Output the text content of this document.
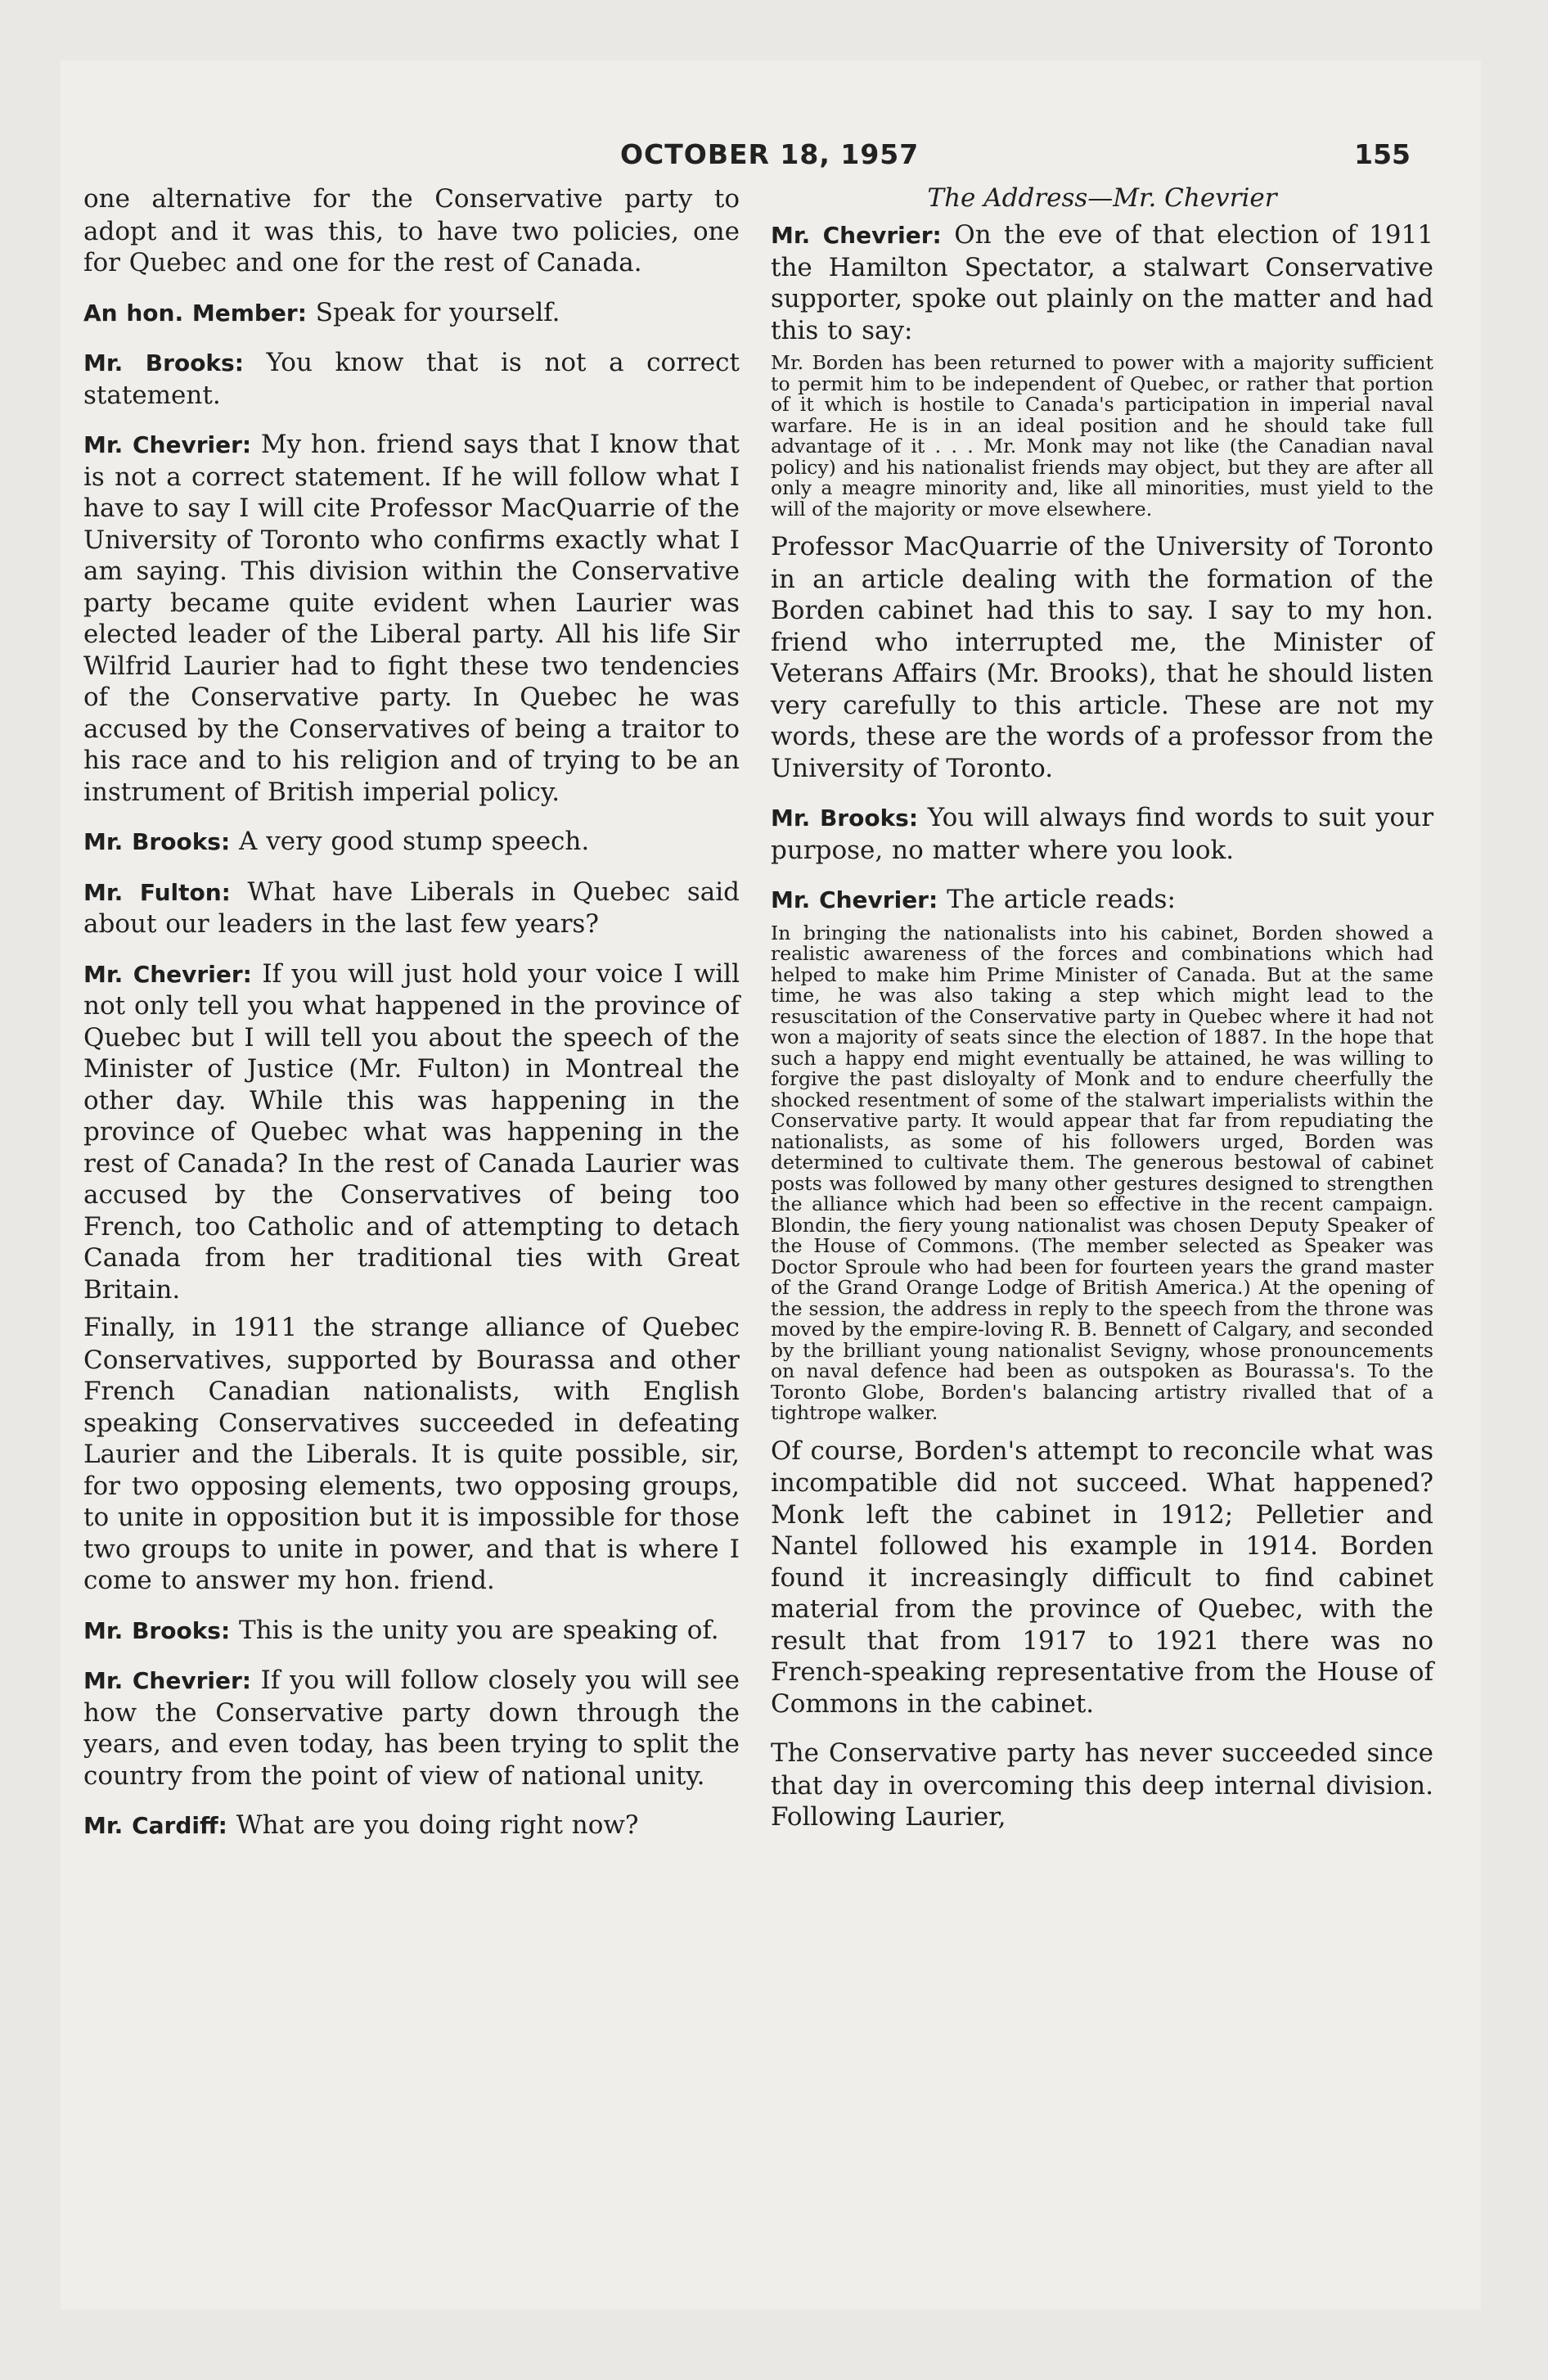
OCTOBER 18, 1957	155

one alternative for the Conservative party to adopt and it was this, to have two policies, one for Quebec and one for the rest of Canada.

An hon. Member: Speak for yourself.

Mr. Brooks: You know that is not a correct statement.

Mr. Chevrier: My hon. friend says that I know that is not a correct statement. If he will follow what I have to say I will cite Professor MacQuarrie of the University of Toronto who confirms exactly what I am saying. This division within the Conservative party became quite evident when Laurier was elected leader of the Liberal party. All his life Sir Wilfrid Laurier had to fight these two tendencies of the Conservative party. In Quebec he was accused by the Conservatives of being a traitor to his race and to his religion and of trying to be an instrument of British imperial policy.

Mr. Brooks: A very good stump speech.

Mr. Fulton: What have Liberals in Quebec said about our leaders in the last few years?

Mr. Chevrier: If you will just hold your voice I will not only tell you what happened in the province of Quebec but I will tell you about the speech of the Minister of Justice (Mr. Fulton) in Montreal the other day. While this was happening in the province of Quebec what was happening in the rest of Canada? In the rest of Canada Laurier was accused by the Conservatives of being too French, too Catholic and of attempting to detach Canada from her traditional ties with Great Britain.

Finally, in 1911 the strange alliance of Quebec Conservatives, supported by Bourassa and other French Canadian nationalists, with English speaking Conservatives succeeded in defeating Laurier and the Liberals. It is quite possible, sir, for two opposing elements, two opposing groups, to unite in opposition but it is impossible for those two groups to unite in power, and that is where I come to answer my hon. friend.

Mr. Brooks: This is the unity you are speaking of.

Mr. Chevrier: If you will follow closely you will see how the Conservative party down through the years, and even today, has been trying to split the country from the point of view of national unity.

Mr. Cardiff: What are you doing right now?

The Address—Mr. Chevrier

Mr. Chevrier: On the eve of that election of 1911 the Hamilton Spectator, a stalwart Conservative supporter, spoke out plainly on the matter and had this to say:

Mr. Borden has been returned to power with a majority sufficient to permit him to be independent of Quebec, or rather that portion of it which is hostile to Canada's participation in imperial naval warfare. He is in an ideal position and he should take full advantage of it . . . Mr. Monk may not like (the Canadian naval policy) and his nationalist friends may object, but they are after all only a meagre minority and, like all minorities, must yield to the will of the majority or move elsewhere.

Professor MacQuarrie of the University of Toronto in an article dealing with the formation of the Borden cabinet had this to say. I say to my hon. friend who interrupted me, the Minister of Veterans Affairs (Mr. Brooks), that he should listen very carefully to this article. These are not my words, these are the words of a professor from the University of Toronto.

Mr. Brooks: You will always find words to suit your purpose, no matter where you look.

Mr. Chevrier: The article reads:

In bringing the nationalists into his cabinet, Borden showed a realistic awareness of the forces and combinations which had helped to make him Prime Minister of Canada. But at the same time, he was also taking a step which might lead to the resuscitation of the Conservative party in Quebec where it had not won a majority of seats since the election of 1887. In the hope that such a happy end might eventually be attained, he was willing to forgive the past disloyalty of Monk and to endure cheerfully the shocked resentment of some of the stalwart imperialists within the Conservative party. It would appear that far from repudiating the nationalists, as some of his followers urged, Borden was determined to cultivate them. The generous bestowal of cabinet posts was followed by many other gestures designed to strengthen the alliance which had been so effective in the recent campaign. Blondin, the fiery young nationalist was chosen Deputy Speaker of the House of Commons. (The member selected as Speaker was Doctor Sproule who had been for fourteen years the grand master of the Grand Orange Lodge of British America.) At the opening of the session, the address in reply to the speech from the throne was moved by the empire-loving R. B. Bennett of Calgary, and seconded by the brilliant young nationalist Sevigny, whose pronouncements on naval defence had been as outspoken as Bourassa's. To the Toronto Globe, Borden's balancing artistry rivalled that of a tightrope walker.

Of course, Borden's attempt to reconcile what was incompatible did not succeed. What happened? Monk left the cabinet in 1912; Pelletier and Nantel followed his example in 1914. Borden found it increasingly difficult to find cabinet material from the province of Quebec, with the result that from 1917 to 1921 there was no French-speaking representative from the House of Commons in the cabinet.

The Conservative party has never succeeded since that day in overcoming this deep internal division. Following Laurier,
